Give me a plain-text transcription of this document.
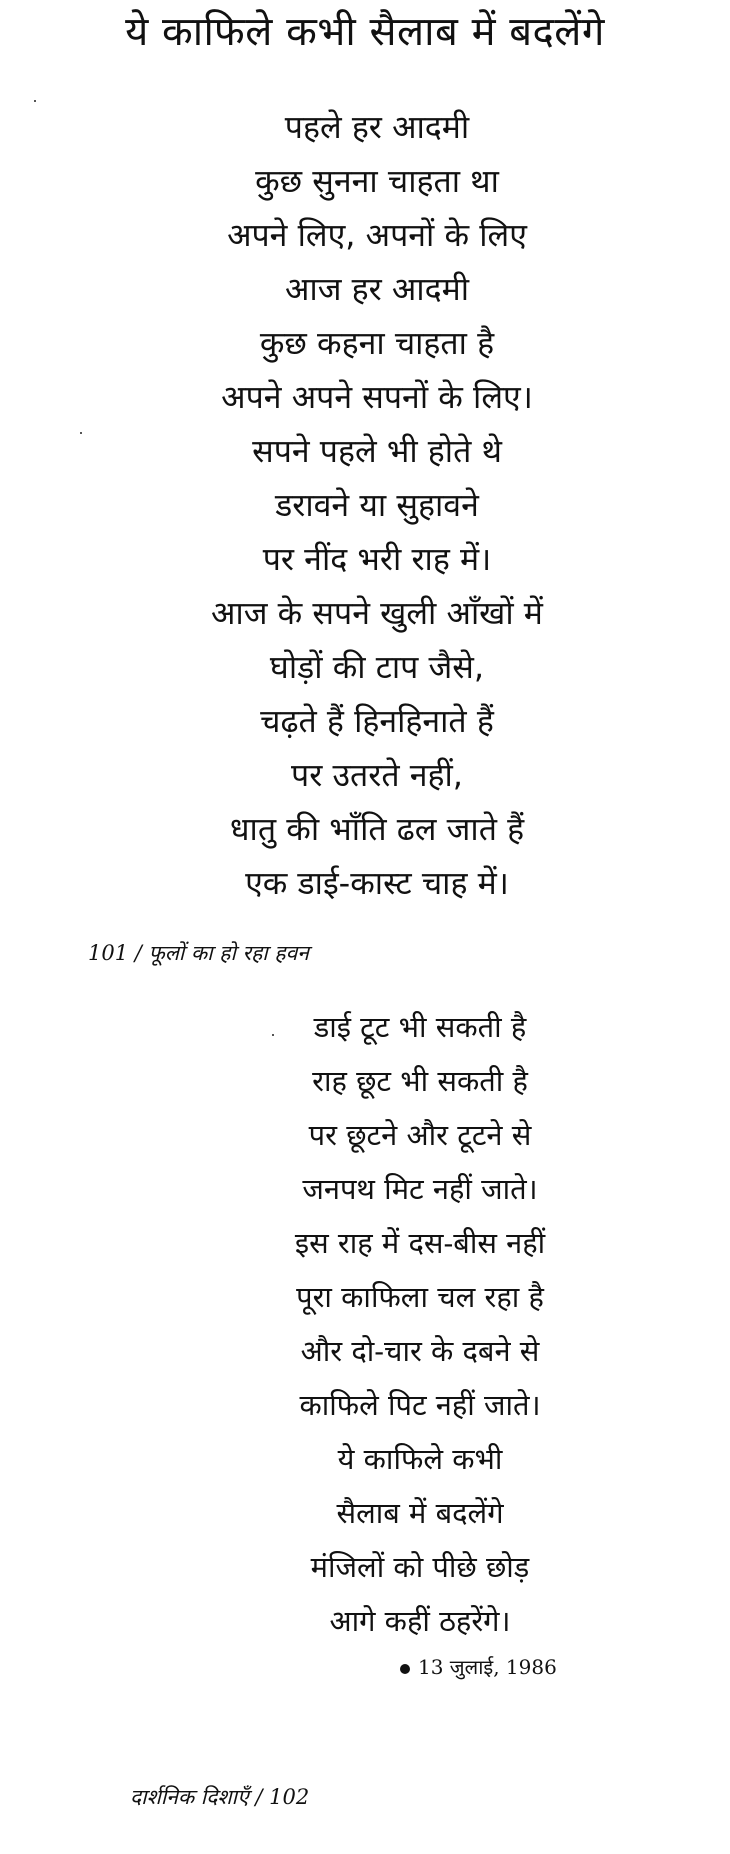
ये काफिले कभी सैलाब में बदलेंगे
पहले हर आदमी
कुछ सुनना चाहता था
अपने लिए, अपनों के लिए
आज हर आदमी
कुछ कहना चाहता है
अपने अपने सपनों के लिए।
सपने पहले भी होते थे
डरावने या सुहावने
पर नींद भरी राह में।
आज के सपने खुली आँखों में
घोड़ों की टाप जैसे,
चढ़ते हैं हिनहिनाते हैं
पर उतरते नहीं,
धातु की भाँति ढल जाते हैं
एक डाई-कास्ट चाह में।
101 / फूलों का हो रहा हवन
डाई टूट भी सकती है
राह छूट भी सकती है
पर छूटने और टूटने से
जनपथ मिट नहीं जाते।
इस राह में दस-बीस नहीं
पूरा काफिला चल रहा है
और दो-चार के दबने से
काफिले पिट नहीं जाते।
ये काफिले कभी
सैलाब में बदलेंगे
मंजिलों को पीछे छोड़
आगे कहीं ठहरेंगे।
13 जुलाई, 1986
दार्शनिक दिशाएँ / 102
